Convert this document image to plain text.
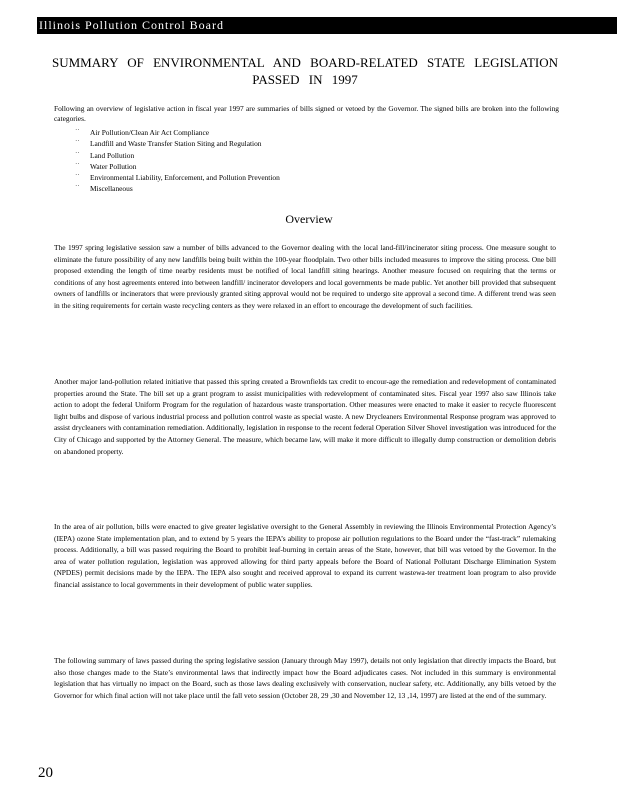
Illinois Pollution Control Board
SUMMARY OF ENVIRONMENTAL AND BOARD-RELATED STATE LEGISLATION PASSED IN 1997

Following an overview of legislative action in fiscal year 1997 are summaries of bills signed or vetoed by the Governor. The signed bills are broken into the following categories.

˙˙ Air Pollution/Clean Air Act Compliance
˙˙ Landfill and Waste Transfer Station Siting and Regulation
˙˙ Land Pollution
˙˙ Water Pollution
˙˙ Environmental Liability, Enforcement, and Pollution Prevention
˙˙ Miscellaneous
Overview

The 1997 spring legislative session saw a number of bills advanced to the Governor dealing with the local land-fill/incinerator siting process. One measure sought to eliminate the future possibility of any new landfills being built within the 100-year floodplain. Two other bills included measures to improve the siting process. One bill proposed extending the length of time nearby residents must be notified of local landfill siting hearings. Another measure focused on requiring that the terms or conditions of any host agreements entered into between landfill/ incinerator developers and local governments be made public. Yet another bill provided that subsequent owners of landfills or incinerators that were previously granted siting approval would not be required to undergo site approval a second time. A different trend was seen in the siting requirements for certain waste recycling centers as they were relaxed in an effort to encourage the development of such facilities.

Another major land-pollution related initiative that passed this spring created a Brownfields tax credit to encour-age the remediation and redevelopment of contaminated properties around the State. The bill set up a grant program to assist municipalities with redevelopment of contaminated sites. Fiscal year 1997 also saw Illinois take action to adopt the federal Uniform Program for the regulation of hazardous waste transportation. Other measures were enacted to make it easier to recycle fluorescent light bulbs and dispose of various industrial process and pollution control waste as special waste. A new Drycleaners Environmental Response program was approved to assist drycleaners with contamination remediation. Additionally, legislation in response to the recent federal Operation Silver Shovel investigation was introduced for the City of Chicago and supported by the Attorney General. The measure, which became law, will make it more difficult to illegally dump construction or demolition debris on abandoned property.

In the area of air pollution, bills were enacted to give greater legislative oversight to the General Assembly in reviewing the Illinois Environmental Protection Agency’s (IEPA) ozone State implementation plan, and to extend by 5 years the IEPA’s ability to propose air pollution regulations to the Board under the “fast-track” rulemaking process. Additionally, a bill was passed requiring the Board to prohibit leaf-burning in certain areas of the State, however, that bill was vetoed by the Governor. In the area of water pollution regulation, legislation was approved allowing for third party appeals before the Board of National Pollutant Discharge Elimination System (NPDES) permit decisions made by the IEPA. The IEPA also sought and received approval to expand its current wastewa-ter treatment loan program to also provide financial assistance to local governments in their development of public water supplies.

The following summary of laws passed during the spring legislative session (January through May 1997), details not only legislation that directly impacts the Board, but also those changes made to the State’s environmental laws that indirectly impact how the Board adjudicates cases. Not included in this summary is environmental legislation that has virtually no impact on the Board, such as those laws dealing exclusively with conservation, nuclear safety, etc. Additionally, any bills vetoed by the Governor for which final action will not take place until the fall veto session (October 28, 29 ,30 and November 12, 13 ,14, 1997) are listed at the end of the summary.

20
